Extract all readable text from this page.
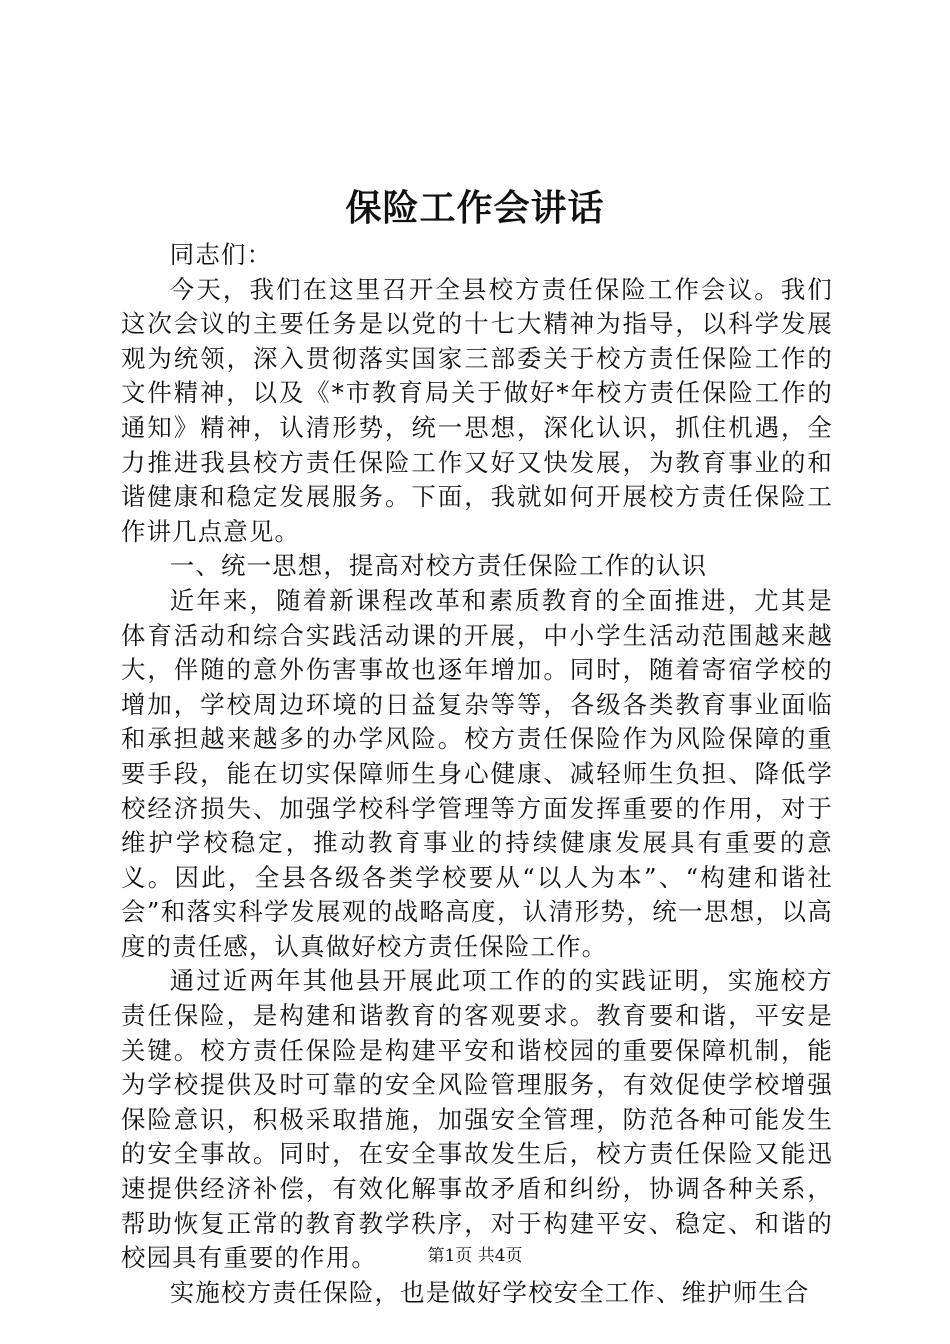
保险工作会讲话

同志们：

今天，我们在这里召开全县校方责任保险工作会议。我们这次会议的主要任务是以党的十七大精神为指导，以科学发展观为统领，深入贯彻落实国家三部委关于校方责任保险工作的文件精神，以及《*市教育局关于做好*年校方责任保险工作的通知》精神，认清形势，统一思想，深化认识，抓住机遇，全力推进我县校方责任保险工作又好又快发展，为教育事业的和谐健康和稳定发展服务。下面，我就如何开展校方责任保险工作讲几点意见。

一、统一思想，提高对校方责任保险工作的认识

近年来，随着新课程改革和素质教育的全面推进，尤其是体育活动和综合实践活动课的开展，中小学生活动范围越来越大，伴随的意外伤害事故也逐年增加。同时，随着寄宿学校的增加，学校周边环境的日益复杂等等，各级各类教育事业面临和承担越来越多的办学风险。校方责任保险作为风险保障的重要手段，能在切实保障师生身心健康、减轻师生负担、降低学校经济损失、加强学校科学管理等方面发挥重要的作用，对于维护学校稳定，推动教育事业的持续健康发展具有重要的意义。因此，全县各级各类学校要从“以人为本”、“构建和谐社会”和落实科学发展观的战略高度，认清形势，统一思想，以高度的责任感，认真做好校方责任保险工作。

通过近两年其他县开展此项工作的的实践证明，实施校方责任保险，是构建和谐教育的客观要求。教育要和谐，平安是关键。校方责任保险是构建平安和谐校园的重要保障机制，能为学校提供及时可靠的安全风险管理服务，有效促使学校增强保险意识，积极采取措施，加强安全管理，防范各种可能发生的安全事故。同时，在安全事故发生后，校方责任保险又能迅速提供经济补偿，有效化解事故矛盾和纠纷，协调各种关系，帮助恢复正常的教育教学秩序，对于构建平安、稳定、和谐的校园具有重要的作用。

实施校方责任保险，也是做好学校安全工作、维护师生合

第1页 共4页
